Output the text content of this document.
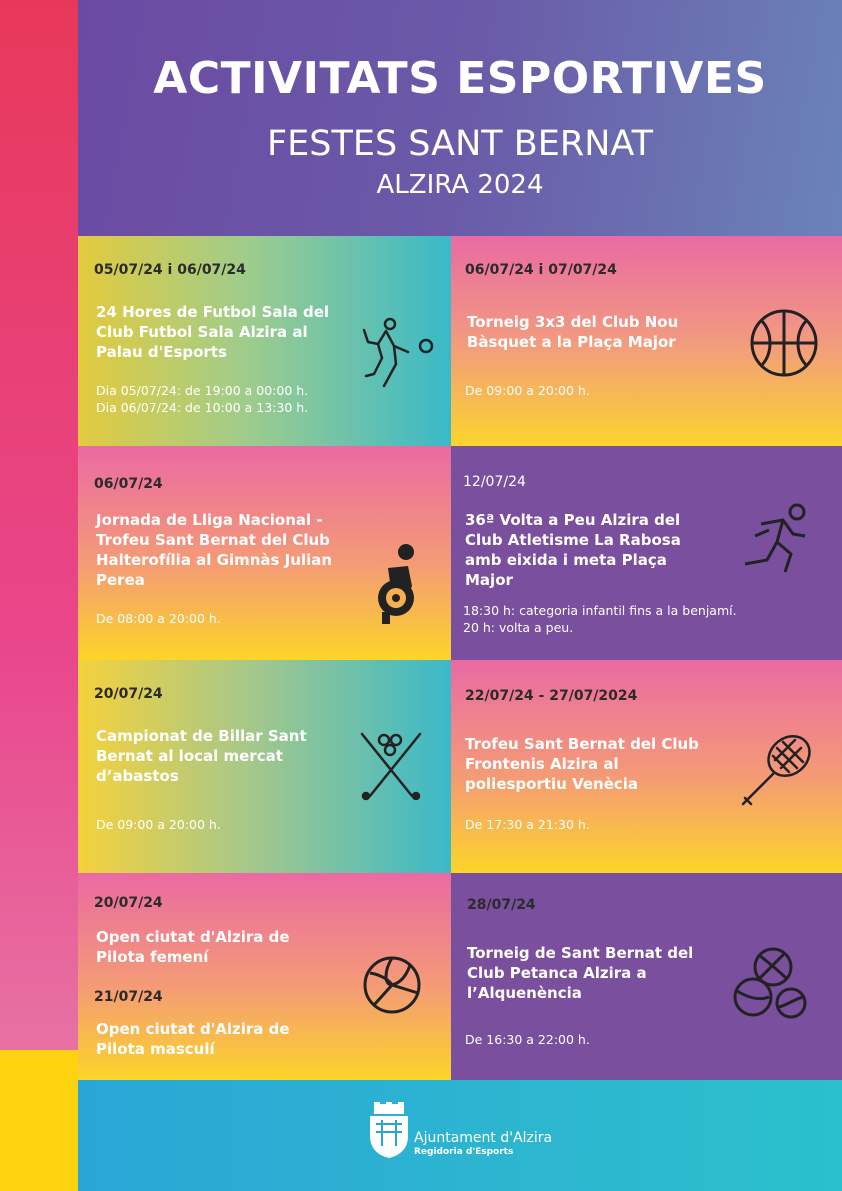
ACTIVITATS ESPORTIVES
FESTES SANT BERNAT
ALZIRA 2024
05/07/24 i 06/07/24
24 Hores de Futbol Sala del
Club Futbol Sala Alzira al
Palau d'Esports
Dia 05/07/24: de 19:00 a 00:00 h.
Dia 06/07/24: de 10:00 a 13:30 h.
06/07/24 i 07/07/24
Torneig 3x3 del Club Nou
Bàsquet a la Plaça Major
De 09:00 a 20:00 h.
06/07/24
Jornada de Lliga Nacional -
Trofeu Sant Bernat del Club
Halterofília al Gimnàs Julian
Perea
De 08:00 a 20:00 h.
12/07/24
36ª Volta a Peu Alzira del
Club Atletisme La Rabosa
amb eixida i meta Plaça
Major
18:30 h: categoria infantil fins a la benjamí.
20 h: volta a peu.
20/07/24
Campionat de Billar Sant
Bernat al local mercat
d’abastos
De 09:00 a 20:00 h.
22/07/24 - 27/07/2024
Trofeu Sant Bernat del Club
Frontenis Alzira al
poliesportiu Venècia
De 17:30 a 21:30 h.
20/07/24
Open ciutat d'Alzira de
Pilota femení
21/07/24
Open ciutat d'Alzira de
Pilota masculí
28/07/24
Torneig de Sant Bernat del
Club Petanca Alzira a
l’Alquenència
De 16:30 a 22:00 h.
Ajuntament d'Alzira
Regidoria d'Esports
